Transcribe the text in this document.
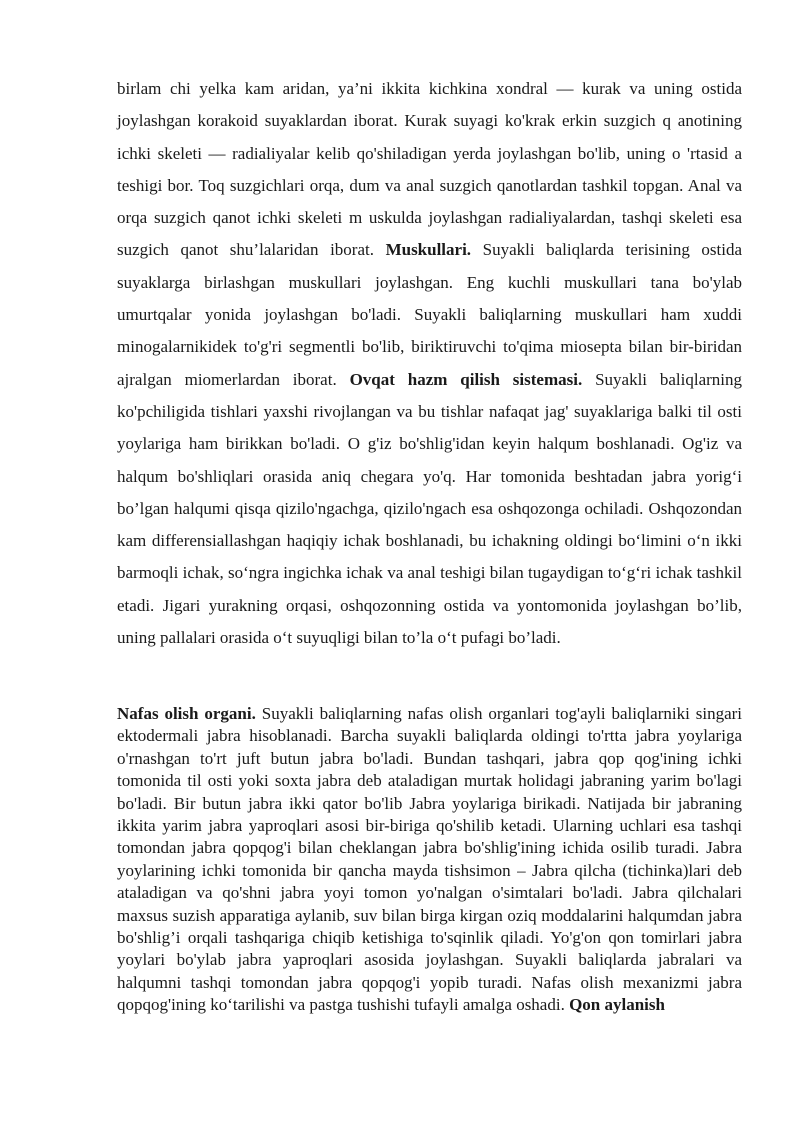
birlam chi yelka kam aridan, ya’ni ikkita kichkina xondral — kurak va uning ostida joylashgan korakoid suyaklardan iborat. Kurak suyagi ko'krak erkin suzgich q anotining ichki skeleti — radialiyalar kelib qo'shiladigan yerda joylashgan bo'lib, uning o 'rtasid a teshigi bor. Toq suzgichlari orqa, dum va anal suzgich qanotlardan tashkil topgan. Anal va orqa suzgich qanot ichki skeleti m uskulda joylashgan radialiyalardan, tashqi skeleti esa suzgich qanot shu’lalaridan iborat. Muskullari. Suyakli baliqlarda terisining ostida suyaklarga birlashgan muskullari joylashgan. Eng kuchli muskullari tana bo'ylab umurtqalar yonida joylashgan bo'ladi. Suyakli baliqlarning muskullari ham xuddi minogalarnikidek to'g'ri segmentli bo'lib, biriktiruvchi to'qima miosepta bilan bir-biridan ajralgan miomerlardan iborat. Ovqat hazm qilish sistemasi. Suyakli baliqlarning ko'pchiligida tishlari yaxshi rivojlangan va bu tishlar nafaqat jag' suyaklariga balki til osti yoylariga ham birikkan bo'ladi. O g'iz bo'shlig'idan keyin halqum boshlanadi. Og'iz va halqum bo'shliqlari orasida aniq chegara yo'q. Har tomonida beshtadan jabra yorig‘i bo’lgan halqumi qisqa qizilo'ngachga, qizilo'ngach esa oshqozonga ochiladi. Oshqozondan kam differensiallashgan haqiqiy ichak boshlanadi, bu ichakning oldingi bo‘limini o‘n ikki barmoqli ichak, so‘ngra ingichka ichak va anal teshigi bilan tugaydigan to‘g‘ri ichak tashkil etadi. Jigari yurakning orqasi, oshqozonning ostida va yontomonida joylashgan bo’lib, uning pallalari orasida o‘t suyuqligi bilan to’la o‘t pufagi bo’ladi.

Nafas olish organi. Suyakli baliqlarning nafas olish organlari tog'ayli baliqlarniki singari ektodermali jabra hisoblanadi. Barcha suyakli baliqlarda oldingi to'rtta jabra yoylariga o'rnashgan to'rt juft butun jabra bo'ladi. Bundan tashqari, jabra qop qog'ining ichki tomonida til osti yoki soxta jabra deb ataladigan murtak holidagi jabraning yarim bo'lagi bo'ladi. Bir butun jabra ikki qator bo'lib Jabra yoylariga birikadi. Natijada bir jabraning ikkita yarim jabra yaproqlari asosi bir-biriga qo'shilib ketadi. Ularning uchlari esa tashqi tomondan jabra qopqog'i bilan cheklangan jabra bo'shlig'ining ichida osilib turadi. Jabra yoylarining ichki tomonida bir qancha mayda tishsimon – Jabra qilcha (tichinka)lari deb ataladigan va qo'shni jabra yoyi tomon yo'nalgan o'simtalari bo'ladi. Jabra qilchalari maxsus suzish apparatiga aylanib, suv bilan birga kirgan oziq moddalarini halqumdan jabra bo'shlig’i orqali tashqariga chiqib ketishiga to'sqinlik qiladi. Yo'g'on qon tomirlari jabra yoylari bo'ylab jabra yaproqlari asosida joylashgan. Suyakli baliqlarda jabralari va halqumni tashqi tomondan jabra qopqog'i yopib turadi. Nafas olish mexanizmi jabra qopqog'ining ko‘tarilishi va pastga tushishi tufayli amalga oshadi. Qon aylanish
